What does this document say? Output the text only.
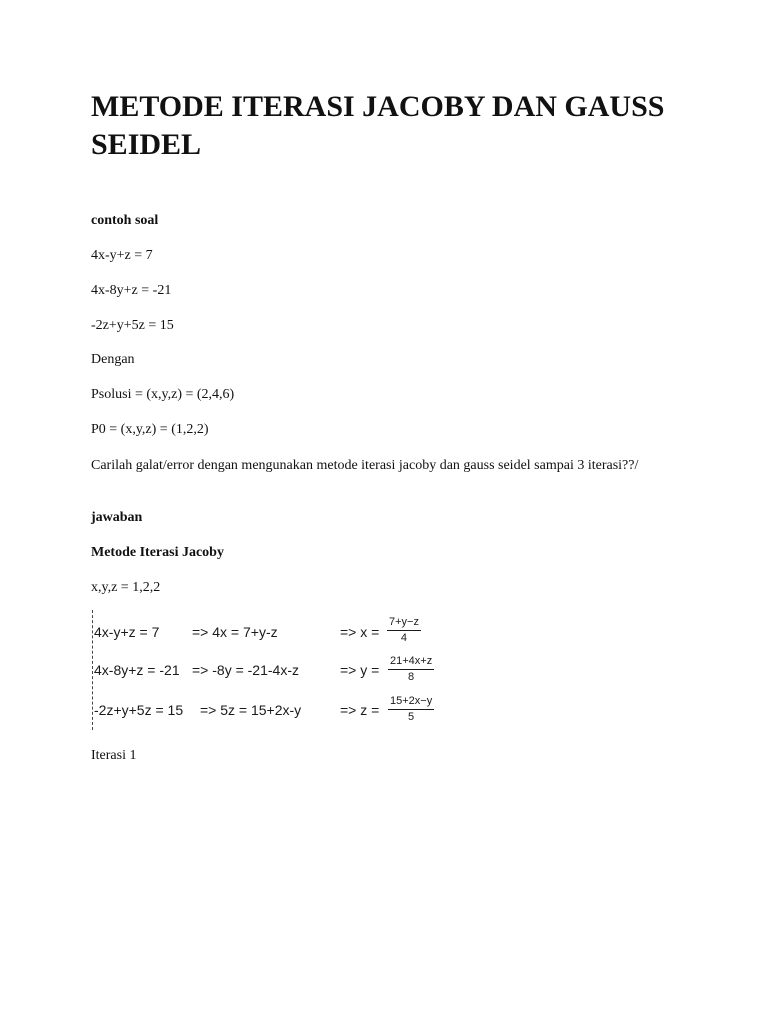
METODE ITERASI JACOBY DAN GAUSS SEIDEL

contoh soal

4x-y+z = 7

4x-8y+z = -21

-2z+y+5z = 15

Dengan

Psolusi = (x,y,z) = (2,4,6)

P0 = (x,y,z) = (1,2,2)

Carilah galat/error dengan mengunakan metode iterasi jacoby dan gauss seidel sampai 3 iterasi??/

jawaban

Metode Iterasi Jacoby

x,y,z = 1,2,2

4x-y+z = 7 => 4x = 7+y-z	=> $x = \frac{7+y-z}{4}$
4x-8y+z = -21 => -8y = -21-4x-z	=> $y = \frac{21+4x+z}{8}$
-2z+y+5z = 15 => 5z = 15+2x-y	=> $z = \frac{15+2x-y}{5}$

Iterasi 1
